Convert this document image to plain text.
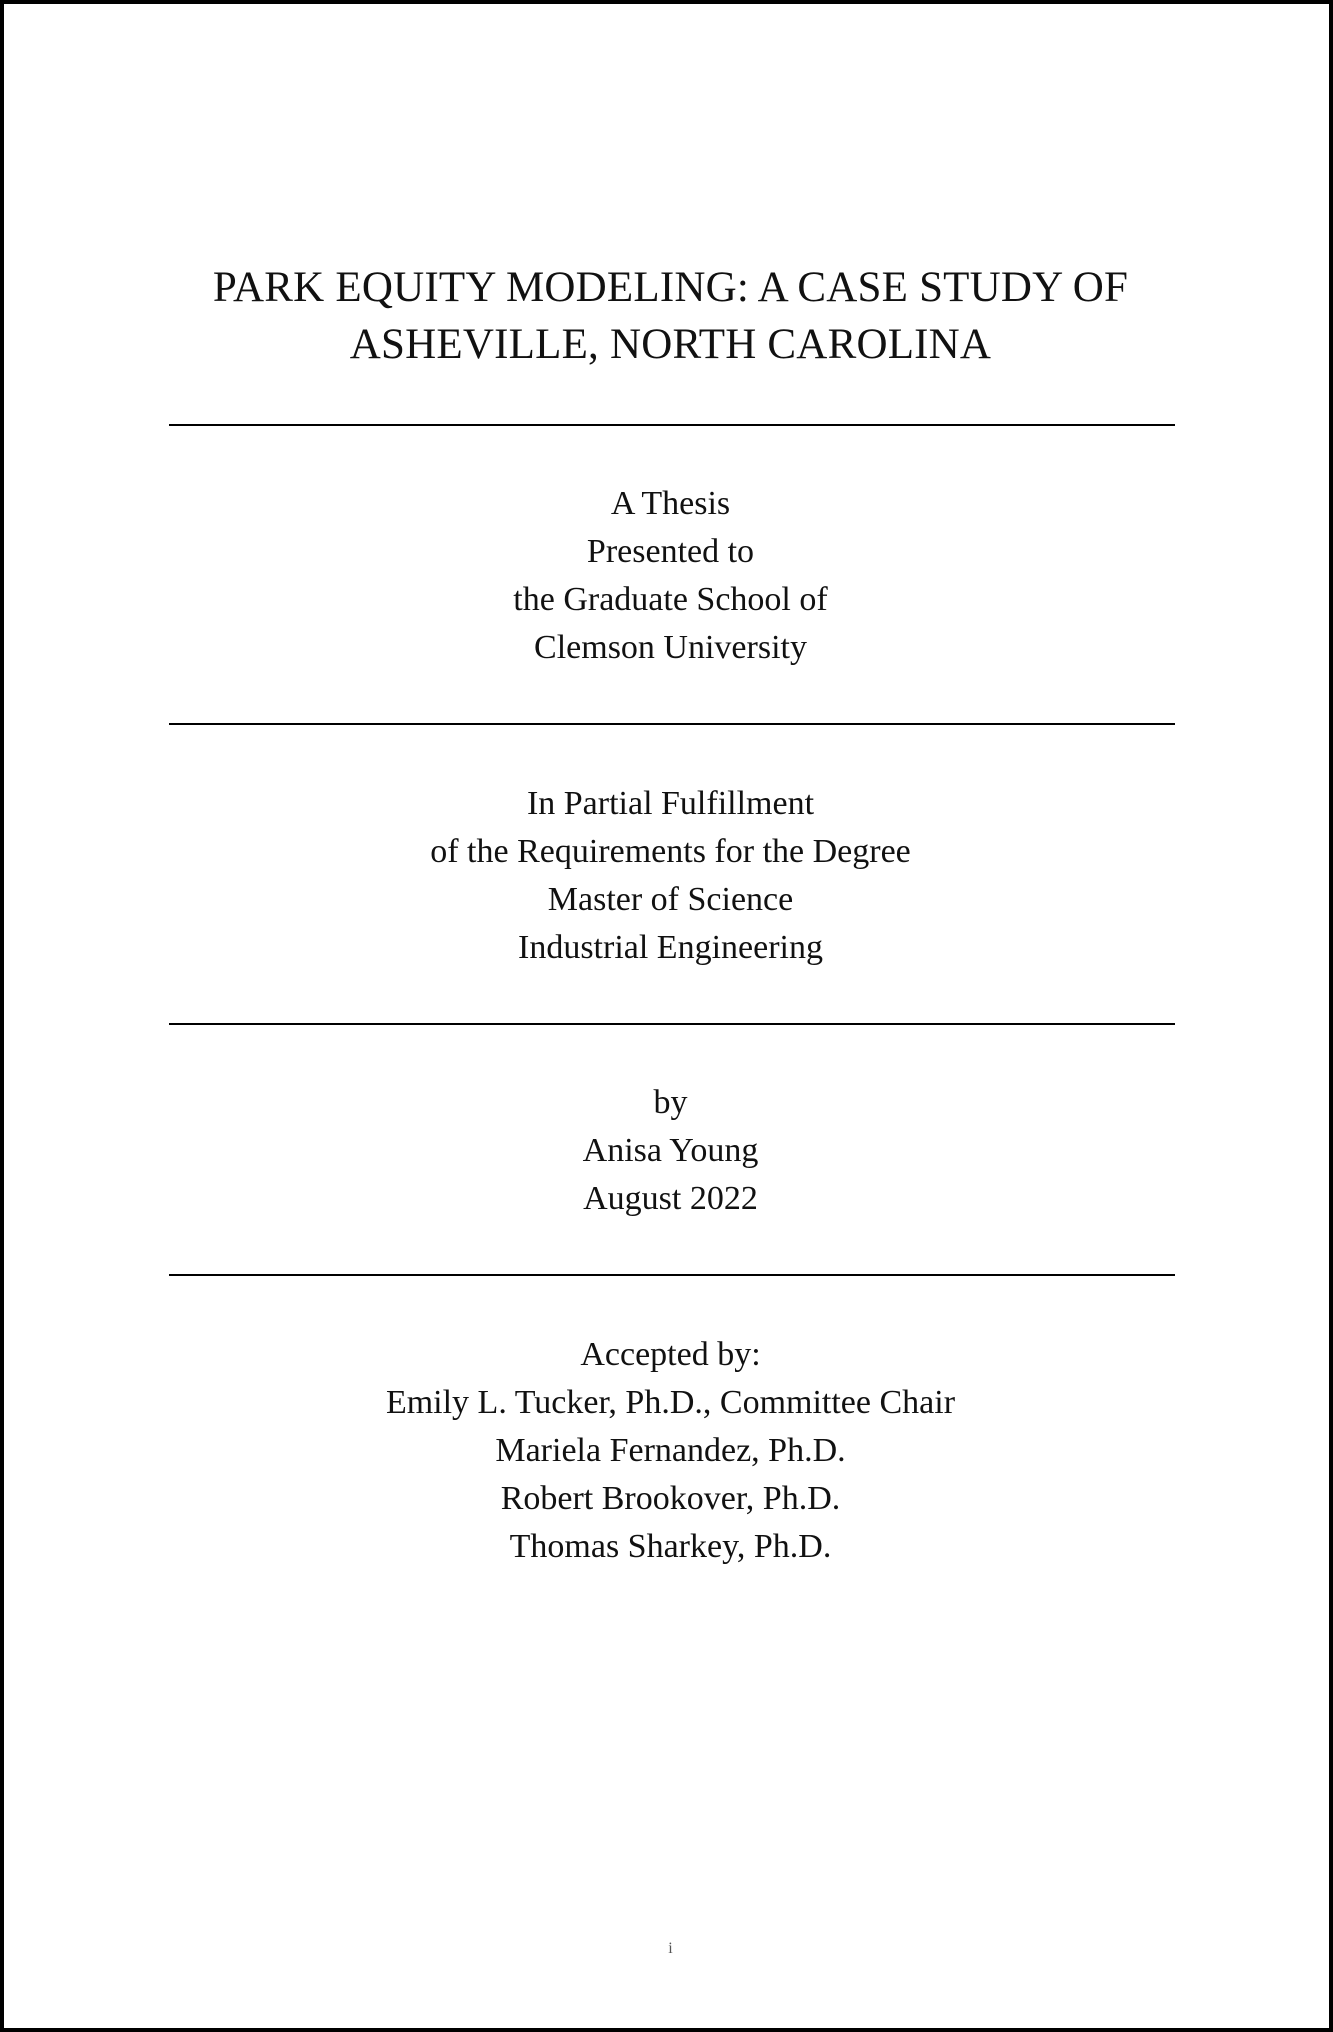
PARK EQUITY MODELING: A CASE STUDY OF
ASHEVILLE, NORTH CAROLINA
A Thesis
Presented to
the Graduate School of
Clemson University
In Partial Fulfillment
of the Requirements for the Degree
Master of Science
Industrial Engineering
by
Anisa Young
August 2022
Accepted by:
Emily L. Tucker, Ph.D., Committee Chair
Mariela Fernandez, Ph.D.
Robert Brookover, Ph.D.
Thomas Sharkey, Ph.D.
i
